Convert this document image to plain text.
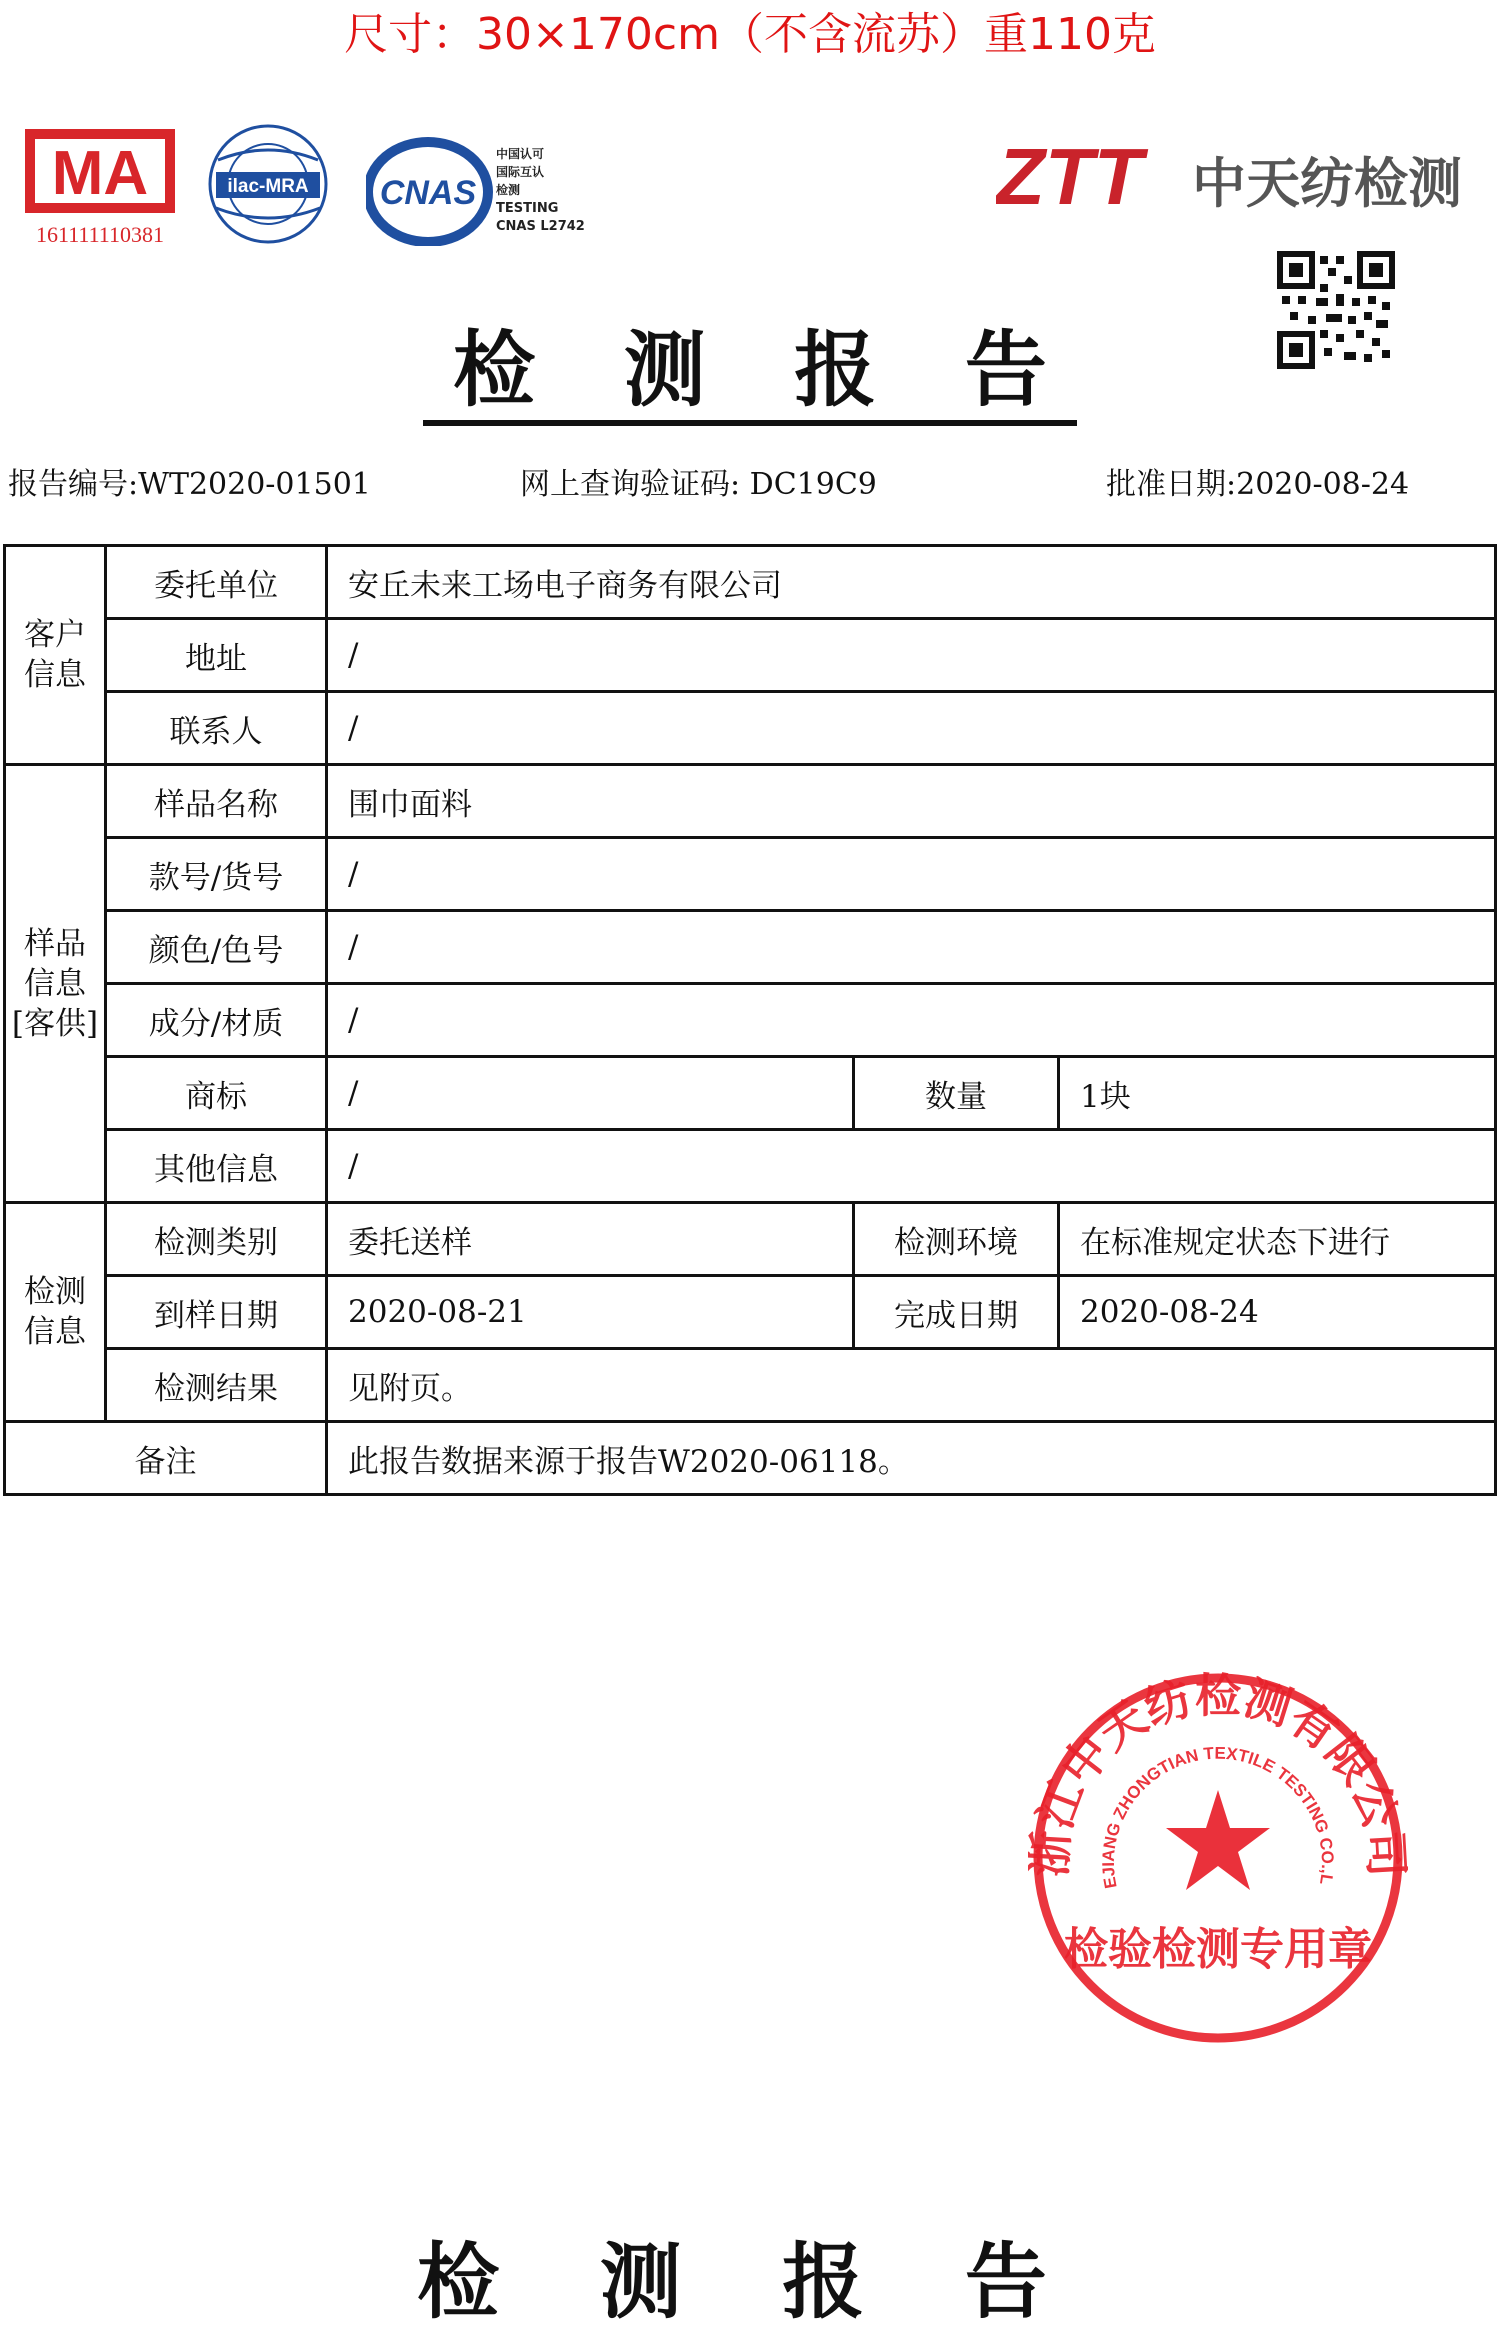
尺寸：30×170cm（不含流苏）重110克
MA
161111110381
ilac-MRA CNAS
中国认可
国际互认
检测
TESTING
CNAS L2742
ZTT 中天纺检测
检 测 报 告
报告编号:WT2020-01501	网上查询验证码: DC19C9	批准日期:2020-08-24
客户
信息	委托单位	安丘未来工场电子商务有限公司		
	地址	/		
	联系人	/		
样品
信息
[客供]	样品名称	围巾面料		
	款号/货号	/		
	颜色/色号	/		
	成分/材质	/		
	商标	/	数量	1块
	其他信息	/		
检测
信息	检测类别	委托送样	检测环境	在标准规定状态下进行
	到样日期	2020-08-21	完成日期	2020-08-24
	检测结果	见附页。		
备注		此报告数据来源于报告W2020-06118。		
江中天纺检测有限公
EJIANG ZHONGTIAN TEXTILE TESTING CO.,L
检验检测专用章
检 测 报 告
